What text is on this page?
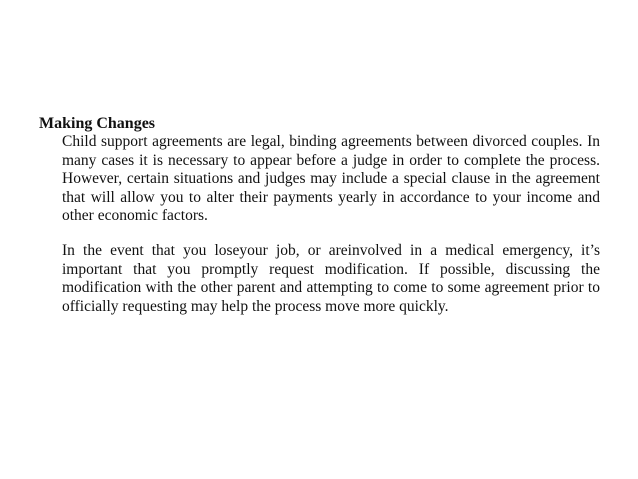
Making Changes

Child support agreements are legal, binding agreements between divorced couples. In many cases it is necessary to appear before a judge in order to complete the process. However, certain situations and judges may include a special clause in the agreement that will allow you to alter their payments yearly in accordance to your income and other economic factors.

In the event that you loseyour job, or areinvolved in a medical emergency, it’s important that you promptly request modification. If possible, discussing the modification with the other parent and attempting to come to some agreement prior to officially requesting may help the process move more quickly.
